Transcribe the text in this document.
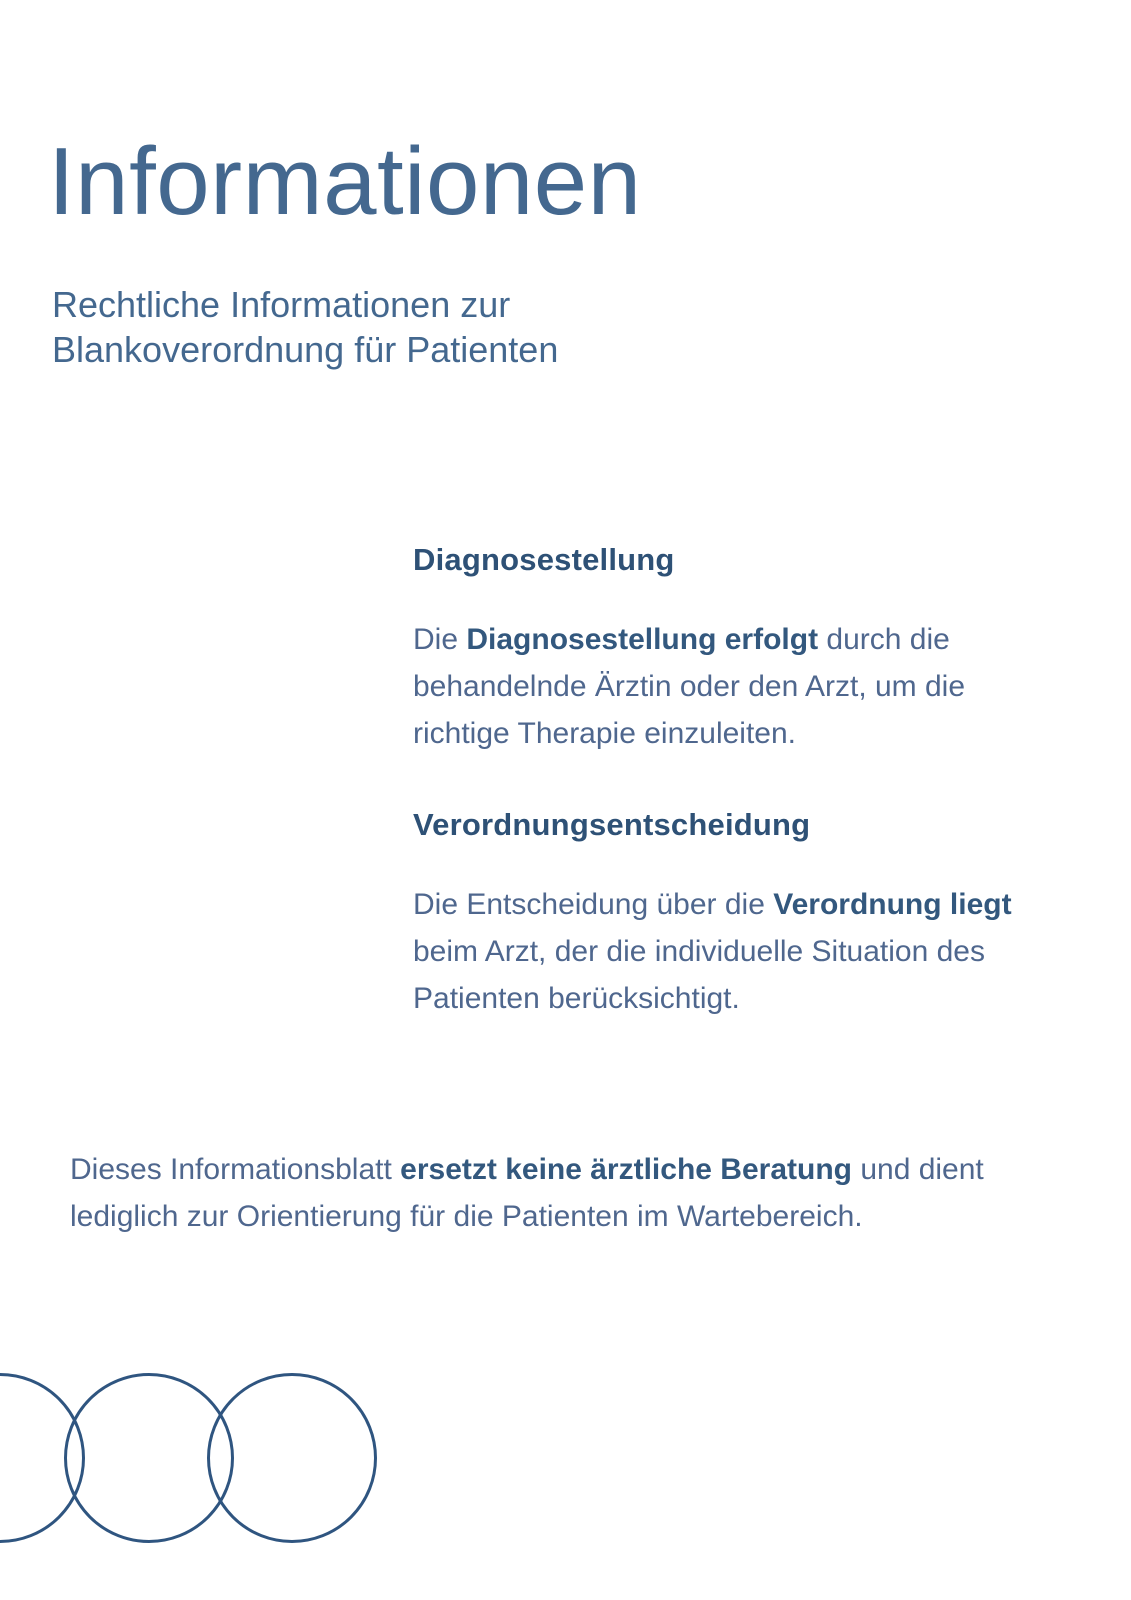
Informationen
Rechtliche Informationen zur
Blankoverordnung für Patienten
Diagnosestellung

Die Diagnosestellung erfolgt durch die behandelnde Ärztin oder den Arzt, um die richtige Therapie einzuleiten.

Verordnungsentscheidung

Die Entscheidung über die Verordnung liegt beim Arzt, der die individuelle Situation des Patienten berücksichtigt.

Dieses Informationsblatt ersetzt keine ärztliche Beratung und dient lediglich zur Orientierung für die Patienten im Wartebereich.
